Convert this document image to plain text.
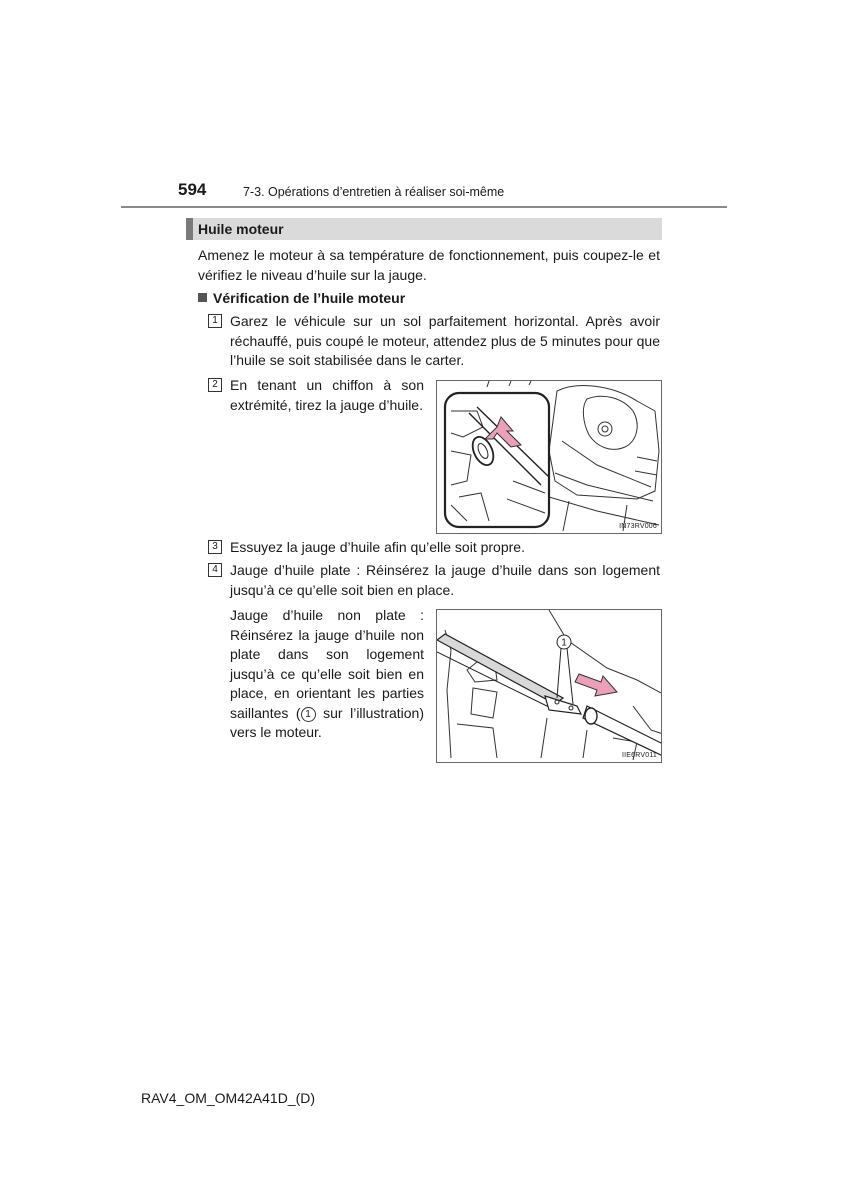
594	7-3. Opérations d’entretien à réaliser soi-même
Huile moteur
Amenez le moteur à sa température de fonctionnement, puis coupez-le et vérifiez le niveau d’huile sur la jauge.
Vérification de l’huile moteur
1 Garez le véhicule sur un sol parfaitement horizontal. Après avoir réchauffé, puis coupé le moteur, attendez plus de 5 minutes pour que l’huile se soit stabilisée dans le carter.
2 En tenant un chiffon à son extrémité, tirez la jauge d’huile.
IN73RV006
3 Essuyez la jauge d’huile afin qu’elle soit propre.
4 Jauge d’huile plate : Réinsérez la jauge d’huile dans son logement jusqu’à ce qu’elle soit bien en place.
Jauge d’huile non plate : Réinsérez la jauge d’huile non plate dans son logement jusqu’à ce qu’elle soit bien en place, en orientant les parties saillantes ( 1 sur l’illustration) vers le moteur.
1
IIE6RV011
RAV4_OM_OM42A41D_(D)
